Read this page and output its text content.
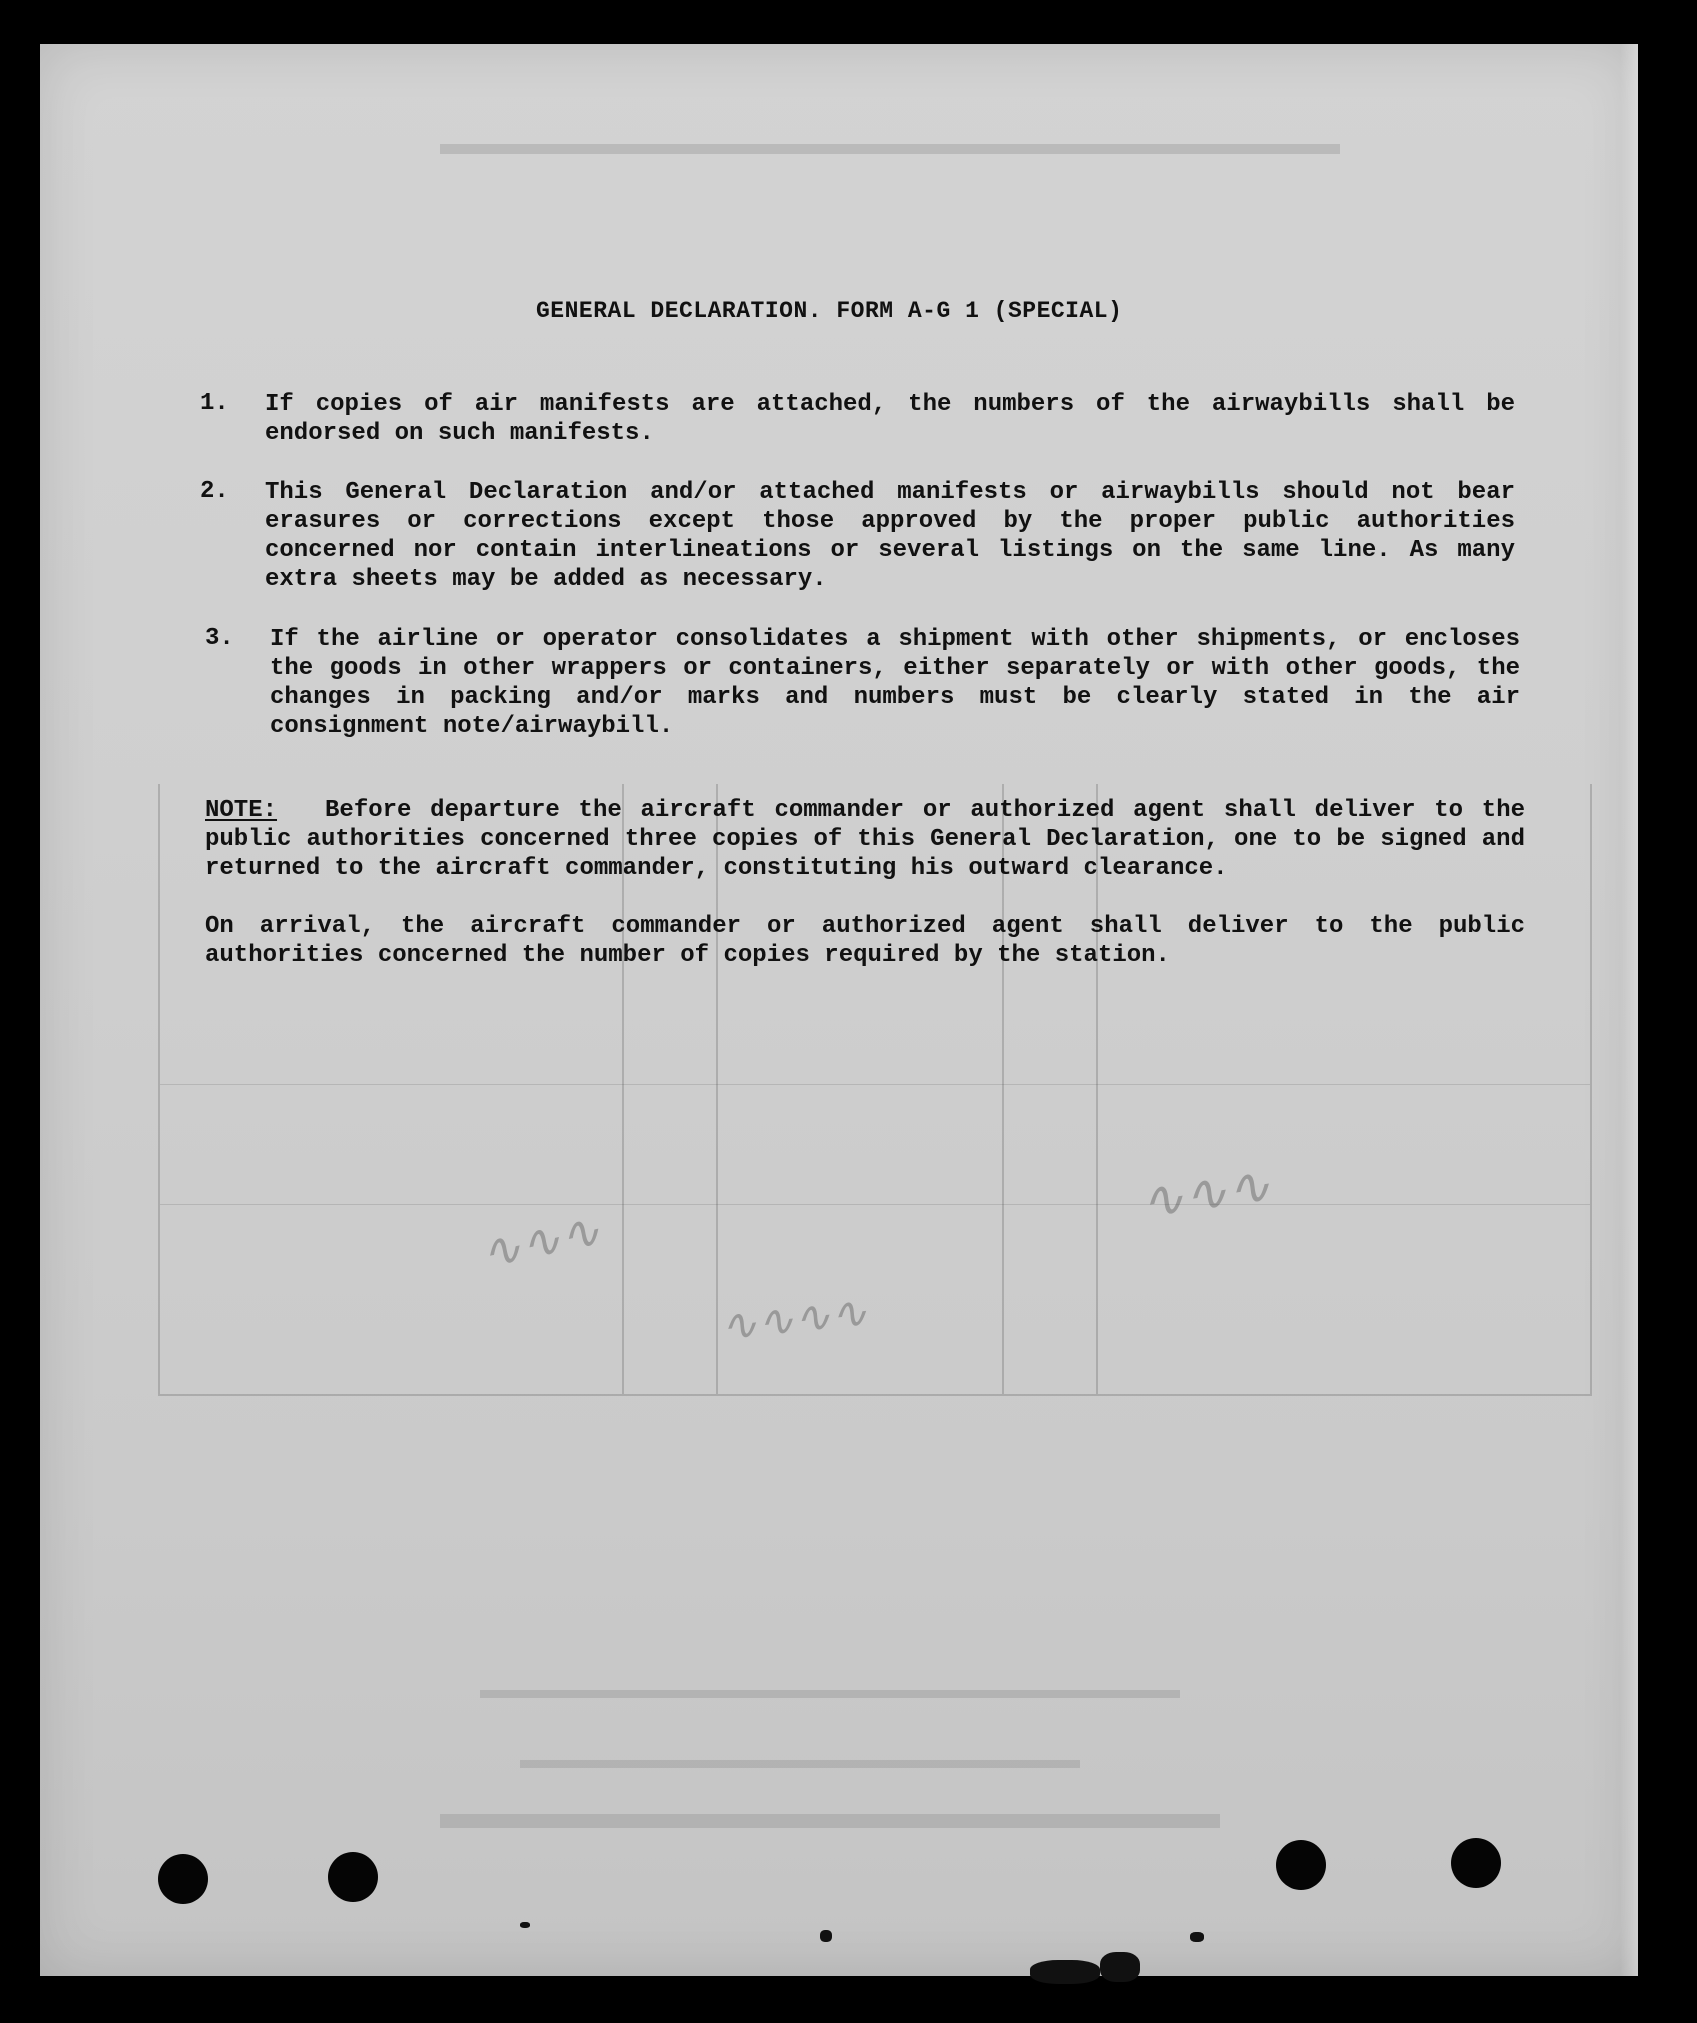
∿∿∿
∿∿∿∿
∿∿∿
GENERAL DECLARATION. FORM A-G 1 (SPECIAL)
1. If copies of air manifests are attached, the numbers of the airwaybills shall be endorsed on such manifests.
2. This General Declaration and/or attached manifests or airwaybills should not bear erasures or corrections except those approved by the proper public authorities concerned nor contain interlineations or several listings on the same line. As many extra sheets may be added as necessary.
3. If the airline or operator consolidates a shipment with other shipments, or encloses the goods in other wrappers or containers, either separately or with other goods, the changes in packing and/or marks and numbers must be clearly stated in the air consignment note/airwaybill.
NOTE: Before departure the aircraft commander or authorized agent shall deliver to the public authorities concerned three copies of this General Declaration, one to be signed and returned to the aircraft commander, constituting his outward clearance.
On arrival, the aircraft commander or authorized agent shall deliver to the public authorities concerned the number of copies required by the station.
